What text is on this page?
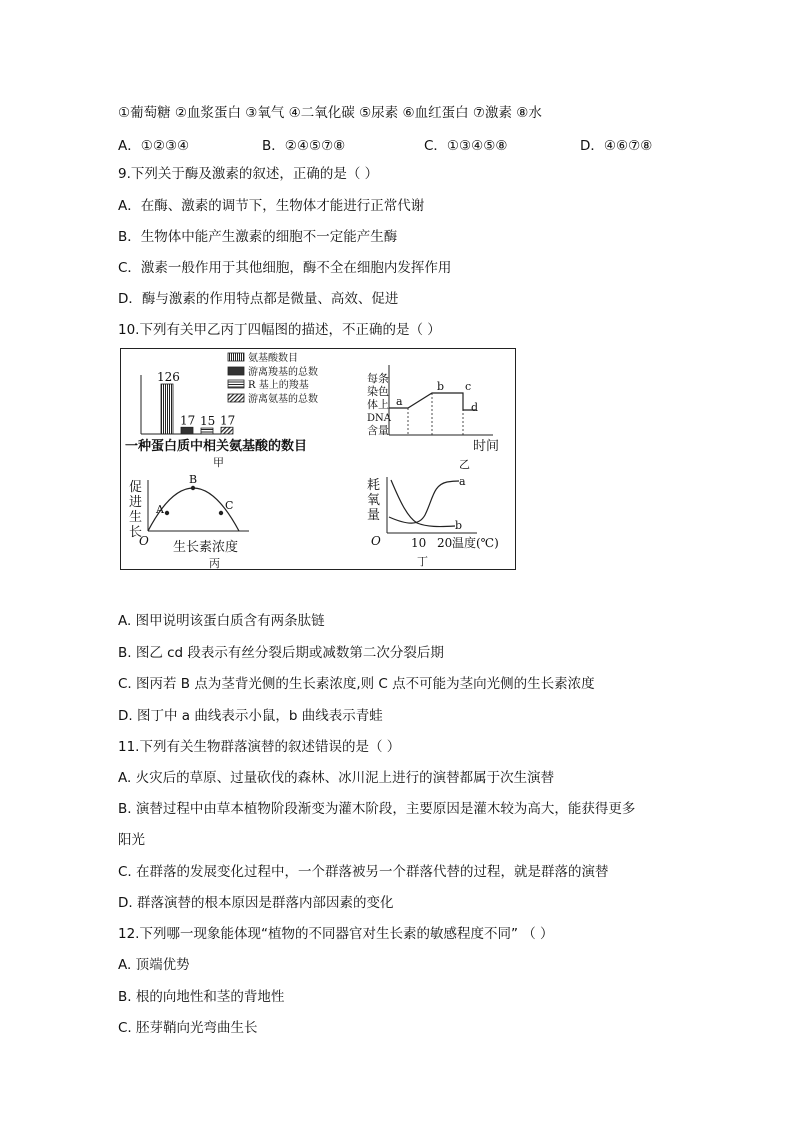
①葡萄糖 ②血浆蛋白 ③氧气 ④二氧化碳 ⑤尿素 ⑥血红蛋白 ⑦激素 ⑧水
A．①②③④	B．②④⑤⑦⑧	C．①③④⑤⑧	D．④⑥⑦⑧
9.下列关于酶及激素的叙述，正确的是（ ）
A．在酶、激素的调节下，生物体才能进行正常代谢
B．生物体中能产生激素的细胞不一定能产生酶
C．激素一般作用于其他细胞，酶不全在细胞内发挥作用
D．酶与激素的作用特点都是微量、高效、促进
10.下列有关甲乙丙丁四幅图的描述，不正确的是（ ）
氨基酸数目
游离羧基的总数
R 基上的羧基
游离氨基的总数
126
17 15 17
一种蛋白质中相关氨基酸的数目
甲
每条
染色
体上
DNA
含量
a
b c
d
时间
乙
促
进
生
长
O
A
B
C
生长素浓度
丙
耗
氧
量
O
a
b
10 20 温度(℃)
丁
A. 图甲说明该蛋白质含有两条肽链
B. 图乙 cd 段表示有丝分裂后期或减数第二次分裂后期
C. 图丙若 B 点为茎背光侧的生长素浓度,则 C 点不可能为茎向光侧的生长素浓度
D. 图丁中 a 曲线表示小鼠，b 曲线表示青蛙
11.下列有关生物群落演替的叙述错误的是（ ）
A. 火灾后的草原、过量砍伐的森林、冰川泥上进行的演替都属于次生演替
B. 演替过程中由草本植物阶段渐变为灌木阶段，主要原因是灌木较为高大，能获得更多
阳光
C. 在群落的发展变化过程中，一个群落被另一个群落代替的过程，就是群落的演替
D. 群落演替的根本原因是群落内部因素的变化
12.下列哪一现象能体现“植物的不同器官对生长素的敏感程度不同” （ ）
A. 顶端优势
B. 根的向地性和茎的背地性
C. 胚芽鞘向光弯曲生长
